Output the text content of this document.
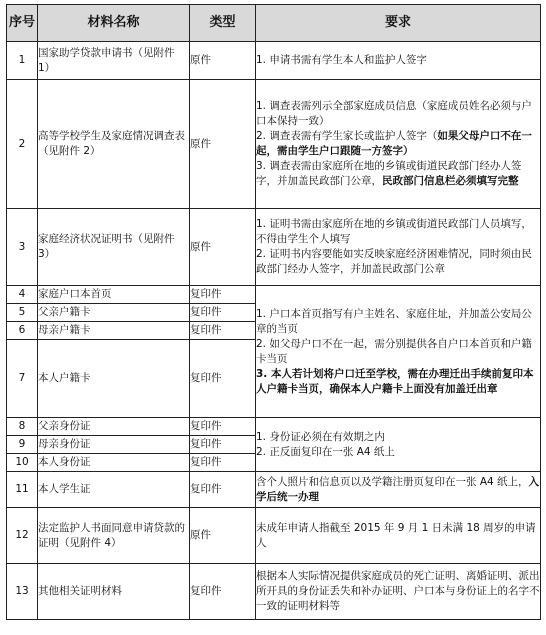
序号	材料名称	类型	要求
1	国家助学贷款申请书（见附件 1）	原件	1. 申请书需有学生本人和监护人签字

2	高等学校学生及家庭情况调查表（见附件 2）	原件	1. 调查表需列示全部家庭成员信息（家庭成员姓名必须与户口本保持一致）

2. 调查表需有学生家长或监护人签字（如果父母户口不在一起，需由学生户口跟随一方签字）

3. 调查表需由家庭所在地的乡镇或街道民政部门经办人签字，并加盖民政部门公章，民政部门信息栏必须填写完整

3	家庭经济状况证明书（见附件 3）	原件	1. 证明书需由家庭所在地的乡镇或街道民政部门人员填写，不得由学生个人填写

2. 证明书内容要能如实反映家庭经济困难情况，同时须由民政部门经办人签字，并加盖民政部门公章

4	家庭户口本首页	复印件	1. 户口本首页指写有户主姓名、家庭住址，并加盖公安局公章的当页

2. 如父母户口不在一起，需分别提供各自户口本首页和户籍卡当页

3. 本人若计划将户口迁至学校，需在办理迁出手续前复印本人户籍卡当页，确保本人户籍卡上面没有加盖迁出章

5	父亲户籍卡	复印件	
6	母亲户籍卡	复印件	
7	本人户籍卡	复印件	
8	父亲身份证	复印件	1. 身份证必须在有效期之内

2. 正反面复印在一张 A4 纸上

9	母亲身份证	复印件	
10	本人身份证	复印件	
11	本人学生证	复印件	含个人照片和信息页以及学籍注册页复印在一张 A4 纸上，入学后统一办理

12	法定监护人书面同意申请贷款的证明（见附件 4）	原件	未成年申请人指截至 2015 年 9 月 1 日未满 18 周岁的申请人

13	其他相关证明材料	复印件	根据本人实际情况提供家庭成员的死亡证明、离婚证明、派出所开具的身份证丢失和补办证明、户口本与身份证上的名字不一致的证明材料等
